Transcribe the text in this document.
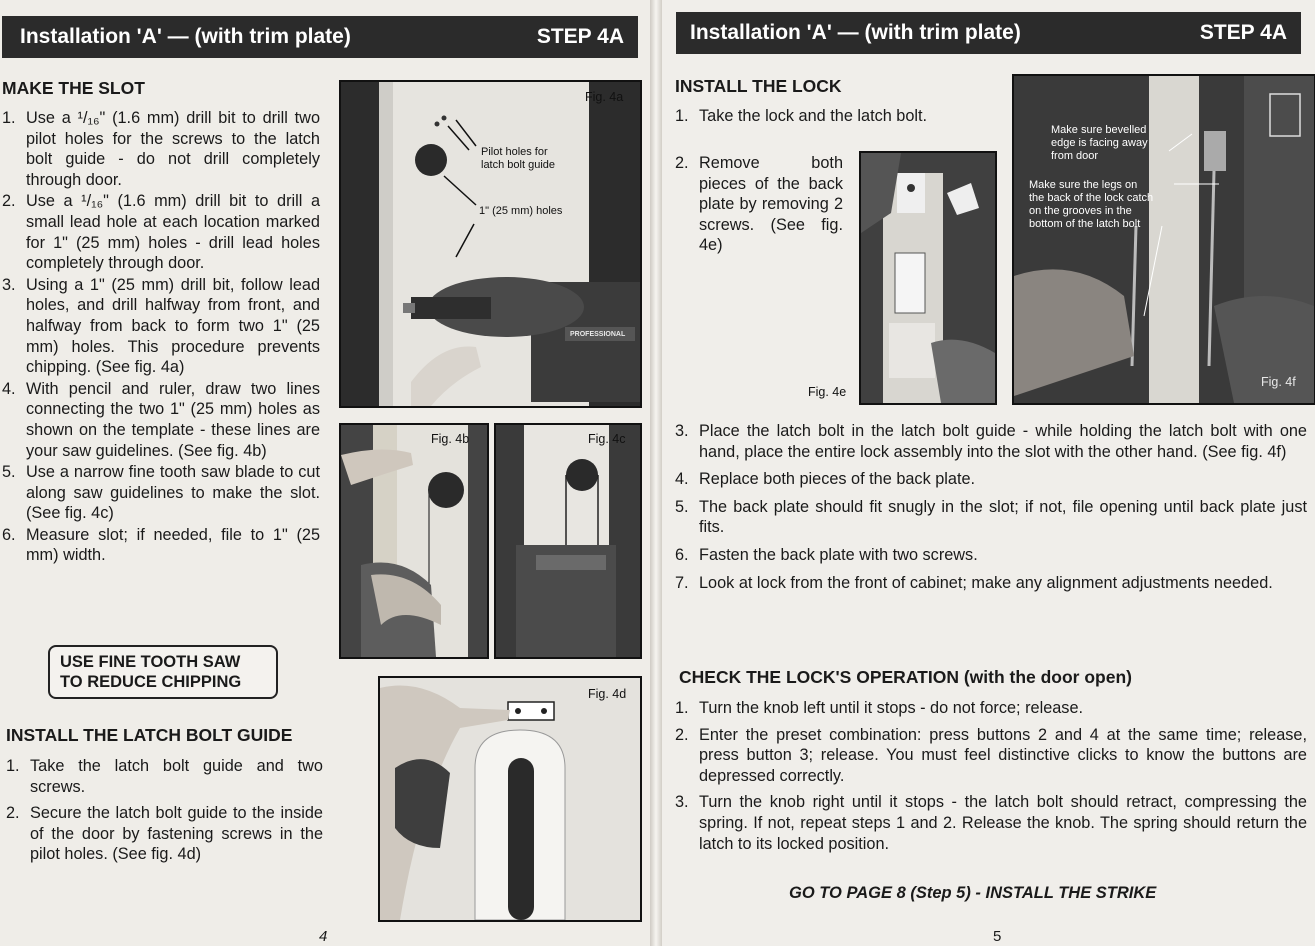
Installation 'A' — (with trim plate)	STEP 4A
MAKE THE SLOT
1. Use a ¹/₁₆" (1.6 mm) drill bit to drill two pilot holes for the screws to the latch bolt guide - do not drill completely through door.
2. Use a ¹/₁₆" (1.6 mm) drill bit to drill a small lead hole at each location marked for 1" (25 mm) holes - drill lead holes completely through door.
3. Using a 1" (25 mm) drill bit, follow lead holes, and drill halfway from front, and halfway from back to form two 1" (25 mm) holes. This procedure prevents chipping. (See fig. 4a)
4. With pencil and ruler, draw two lines connecting the two 1" (25 mm) holes as shown on the template - these lines are your saw guidelines. (See fig. 4b)
5. Use a narrow fine tooth saw blade to cut along saw guidelines to make the slot. (See fig. 4c)
6. Measure slot; if needed, file to 1" (25 mm) width.
USE FINE TOOTH SAW
TO REDUCE CHIPPING
INSTALL THE LATCH BOLT GUIDE
1. Take the latch bolt guide and two screws.
2. Secure the latch bolt guide to the inside of the door by fastening screws in the pilot holes. (See fig. 4d)
Fig. 4a
Pilot holes for
latch bolt guide
1" (25 mm) holes
PROFESSIONAL
Fig. 4b	Fig. 4c
Fig. 4d
4
Installation 'A' — (with trim plate)	STEP 4A
INSTALL THE LOCK
1. Take the lock and the latch bolt.
2. Remove both pieces of the back plate by removing 2 screws. (See fig. 4e)
Fig. 4e
Make sure bevelled edge is facing away from door
Make sure the legs on the back of the lock catch on the grooves in the bottom of the latch bolt
Fig. 4f
3. Place the latch bolt in the latch bolt guide - while holding the latch bolt with one hand, place the entire lock assembly into the slot with the other hand. (See fig. 4f)
4. Replace both pieces of the back plate.
5. The back plate should fit snugly in the slot; if not, file opening until back plate just fits.
6. Fasten the back plate with two screws.
7. Look at lock from the front of cabinet; make any alignment adjustments needed.
CHECK THE LOCK'S OPERATION (with the door open)
1. Turn the knob left until it stops - do not force; release.
2. Enter the preset combination: press buttons 2 and 4 at the same time; release, press button 3; release. You must feel distinctive clicks to know the buttons are depressed correctly.
3. Turn the knob right until it stops - the latch bolt should retract, compressing the spring. If not, repeat steps 1 and 2. Release the knob. The spring should return the latch to its locked position.
GO TO PAGE 8 (Step 5) - INSTALL THE STRIKE
5
